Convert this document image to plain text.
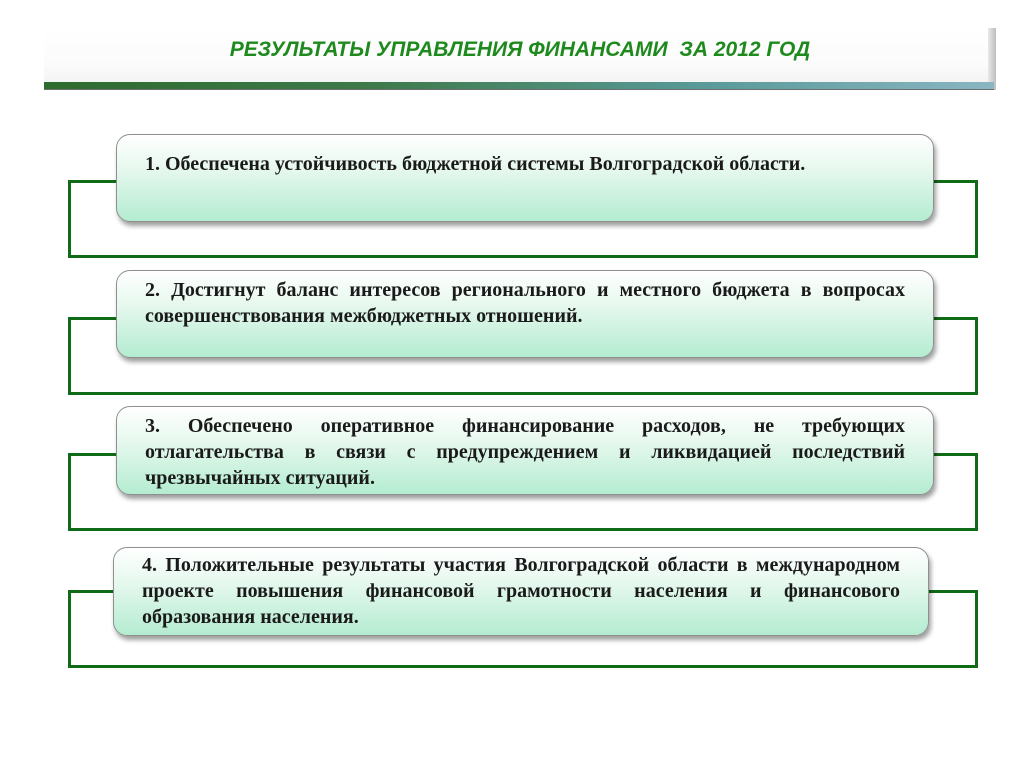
РЕЗУЛЬТАТЫ УПРАВЛЕНИЯ ФИНАНСАМИ  ЗА 2012 ГОД
1. Обеспечена устойчивость бюджетной системы Волгоградской области.
2. Достигнут баланс интересов регионального и местного бюджета в вопросах совершенствования межбюджетных отношений.
3. Обеспечено оперативное финансирование расходов, не требующих отлагательства в связи с предупреждением и ликвидацией последствий чрезвычайных ситуаций.
4. Положительные результаты участия Волгоградской области в международном проекте повышения финансовой грамотности населения и финансового образования населения.
